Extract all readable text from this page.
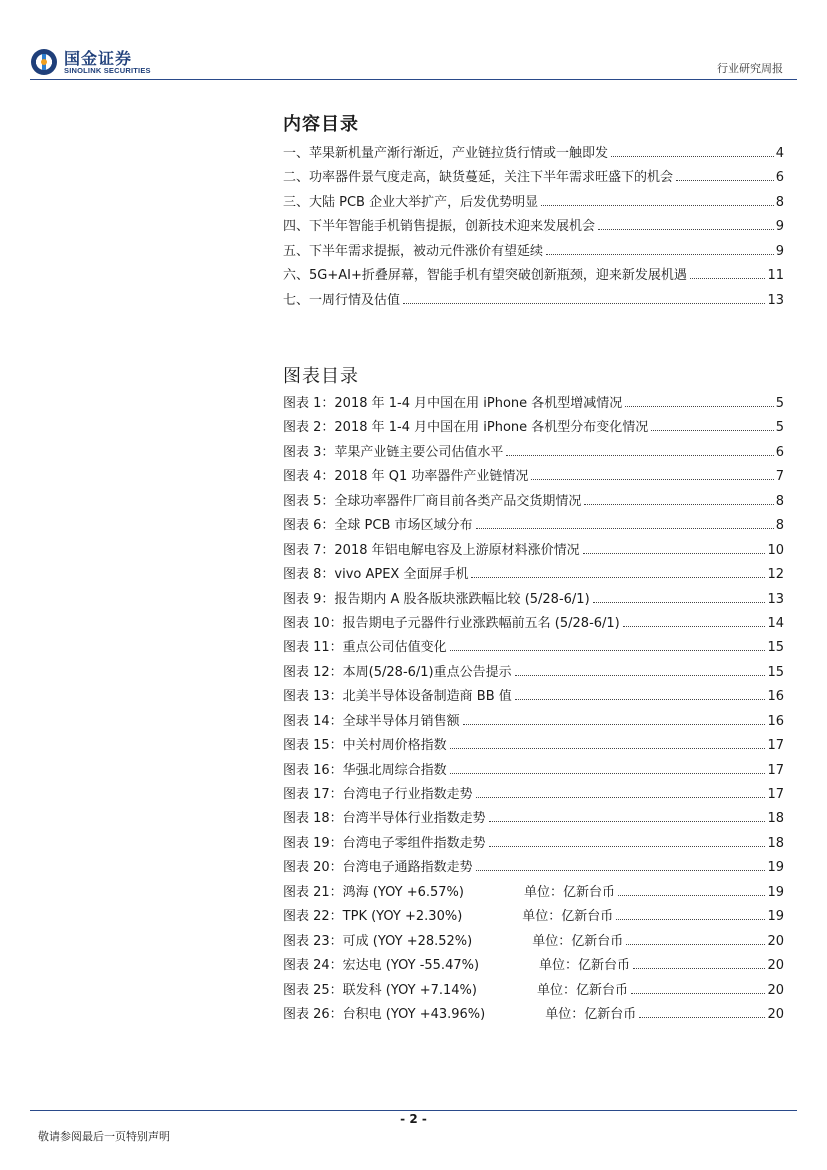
国金证券
SINOLINK SECURITIES	行业研究周报
内容目录
一、苹果新机量产渐行渐近，产业链拉货行情或一触即发	4
二、功率器件景气度走高，缺货蔓延，关注下半年需求旺盛下的机会	6
三、大陆 PCB 企业大举扩产，后发优势明显	8
四、下半年智能手机销售提振，创新技术迎来发展机会	9
五、下半年需求提振，被动元件涨价有望延续	9
六、5G+AI+折叠屏幕，智能手机有望突破创新瓶颈，迎来新发展机遇	11
七、一周行情及估值	13
图表目录
图表 1：2018 年 1-4 月中国在用 iPhone 各机型增减情况	5
图表 2：2018 年 1-4 月中国在用 iPhone 各机型分布变化情况	5
图表 3：苹果产业链主要公司估值水平	6
图表 4：2018 年 Q1 功率器件产业链情况	7
图表 5：全球功率器件厂商目前各类产品交货期情况	8
图表 6：全球 PCB 市场区域分布	8
图表 7：2018 年铝电解电容及上游原材料涨价情况	10
图表 8：vivo APEX 全面屏手机	12
图表 9：报告期内 A 股各版块涨跌幅比较 (5/28-6/1)	13
图表 10：报告期电子元器件行业涨跌幅前五名 (5/28-6/1)	14
图表 11：重点公司估值变化	15
图表 12：本周(5/28-6/1)重点公告提示	15
图表 13：北美半导体设备制造商 BB 值	16
图表 14：全球半导体月销售额	16
图表 15：中关村周价格指数	17
图表 16：华强北周综合指数	17
图表 17：台湾电子行业指数走势	17
图表 18：台湾半导体行业指数走势	18
图表 19：台湾电子零组件指数走势	18
图表 20：台湾电子通路指数走势	19
图表 21：鸿海 (YOY +6.57%)	单位：亿新台币	19
图表 22：TPK (YOY +2.30%)	单位：亿新台币	19
图表 23：可成 (YOY +28.52%)	单位：亿新台币	20
图表 24：宏达电 (YOY -55.47%)	单位：亿新台币	20
图表 25：联发科 (YOY +7.14%)	单位：亿新台币	20
图表 26：台积电 (YOY +43.96%)	单位：亿新台币	20
- 2 -
敬请参阅最后一页特别声明
